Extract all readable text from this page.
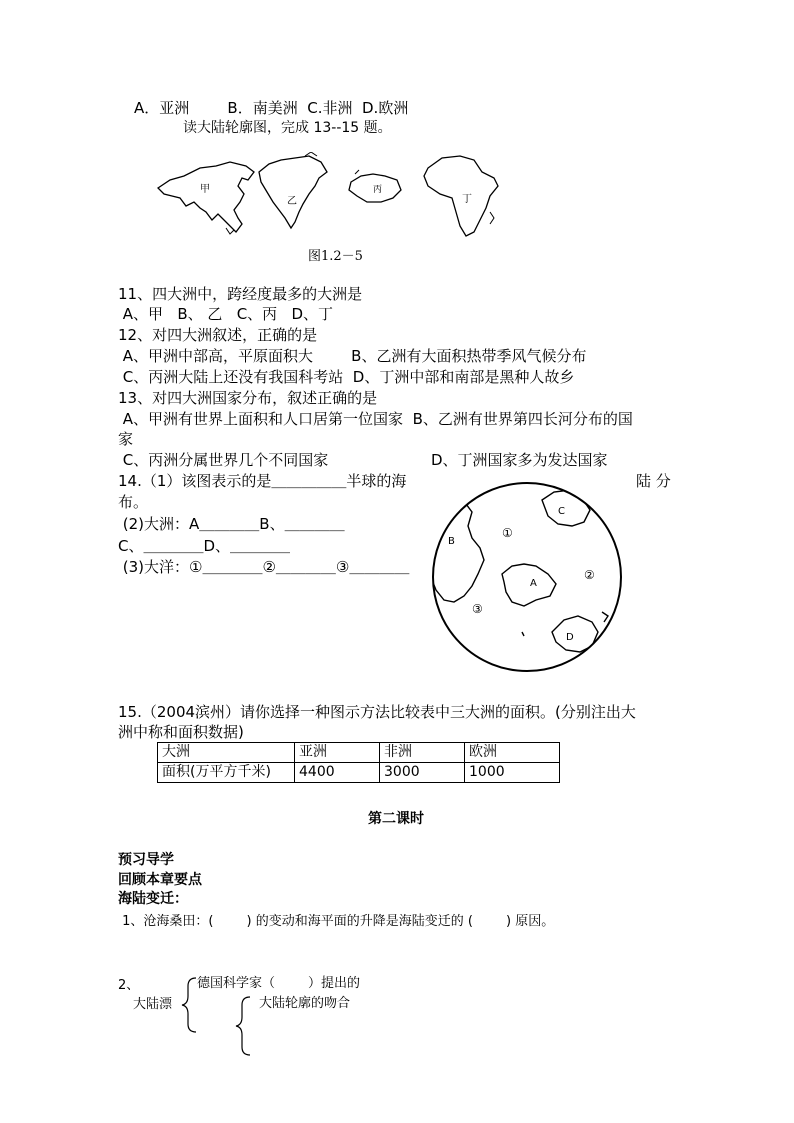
A．亚洲        B．南美洲  C.非洲  D.欧洲
读大陆轮廓图，完成 13--15 题。
甲
乙
丙
丁
图1.2－5
11、四大洲中，跨经度最多的大洲是
A、甲   B、 乙   C、丙   D、丁
12、对四大洲叙述，正确的是
A、甲洲中部高，平原面积大        B、乙洲有大面积热带季风气候分布
C、丙洲大陆上还没有我国科考站  D、丁洲中部和南部是黑种人故乡
13、对四大洲国家分布，叙述正确的是
A、甲洲有世界上面积和人口居第一位国家  B、乙洲有世界第四长河分布的国
家
C、丙洲分属世界几个不同国家	D、丁洲国家多为发达国家
14.（1）该图表示的是＿＿＿＿＿半球的海	陆 分
布。
(2)大洲：A＿＿＿＿B、＿＿＿＿
C、＿＿＿＿D、＿＿＿＿
(3)大洋：①＿＿＿＿②＿＿＿＿③＿＿＿＿
B
C
A
D
①
②
③
15.（2004滨州）请你选择一种图示方法比较表中三大洲的面积。(分别注出大
洲中称和面积数据)
大洲	亚洲	非洲	欧洲
面积(万平方千米)	4400	3000	1000
第二课时
预习导学
回顾本章要点
海陆变迁：
1、沧海桑田：(        ) 的变动和海平面的升降是海陆变迁的 (        ) 原因。
2、
大陆漂
德国科学家（        ）提出的
大陆轮廓的吻合
